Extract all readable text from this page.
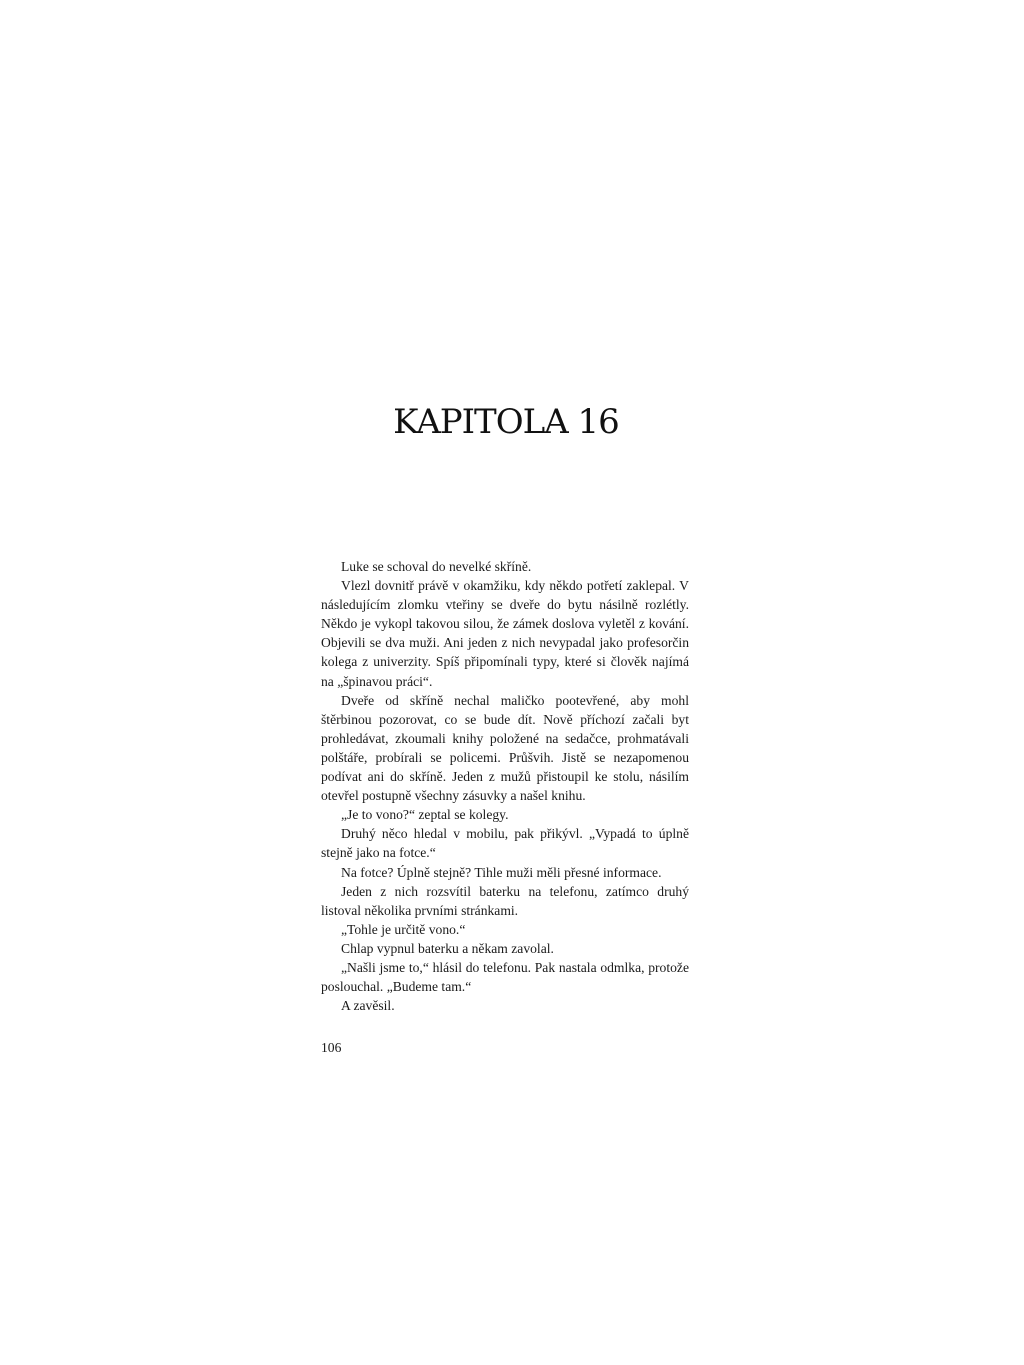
KAPITOLA 16

Luke se schoval do nevelké skříně.

Vlezl dovnitř právě v okamžiku, kdy někdo potřetí zaklepal. V následujícím zlomku vteřiny se dveře do bytu násilně rozlétly. Někdo je vykopl takovou silou, že zámek doslova vyletěl z kování. Objevili se dva muži. Ani jeden z nich nevypadal jako profesorčin kolega z univerzity. Spíš připomínali typy, které si člověk najímá na „špinavou práci“.

Dveře od skříně nechal maličko pootevřené, aby mohl štěrbinou pozorovat, co se bude dít. Nově příchozí začali byt prohledávat, zkoumali knihy položené na sedačce, prohmatávali polštáře, probírali se policemi. Průšvih. Jistě se nezapomenou podívat ani do skříně. Jeden z mužů přistoupil ke stolu, násilím otevřel postupně všechny zásuvky a našel knihu.

„Je to vono?“ zeptal se kolegy.

Druhý něco hledal v mobilu, pak přikývl. „Vypadá to úplně stejně jako na fotce.“

Na fotce? Úplně stejně? Tihle muži měli přesné informace.

Jeden z nich rozsvítil baterku na telefonu, zatímco druhý listoval několika prvními stránkami.

„Tohle je určitě vono.“

Chlap vypnul baterku a někam zavolal.

„Našli jsme to,“ hlásil do telefonu. Pak nastala odmlka, protože poslouchal. „Budeme tam.“

A zavěsil.

106
